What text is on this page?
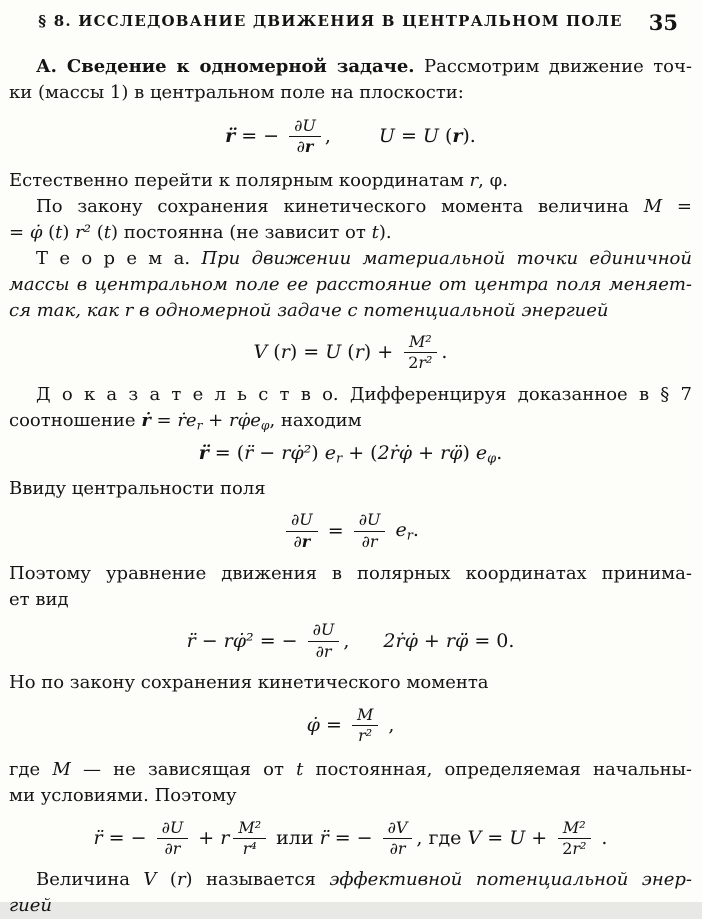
§ 8. ИССЛЕДОВАНИЕ ДВИЖЕНИЯ В ЦЕНТРАЛЬНОМ ПОЛЕ	35
А. Сведение к одномерной задаче. Рассмотрим движение точ-
ки (массы 1) в центральном поле на плоскости:
r̈ = − $\frac{\partial U}{\partial r}$ ,	U = U (r).
Естественно перейти к полярным координатам r, φ.
По закону сохранения кинетического момента величина M =
= φ̇ (t) r² (t) постоянна (не зависит от t).
Т е о р е м а. При движении материальной точки единичной
массы в центральном поле ее расстояние от центра поля меняет-
ся так, как r в одномерной задаче с потенциальной энергией
V (r) = U $(r) + \frac{\text{M²}}{\text{2r²}}$ .
Д о к а з а т е л ь с т в о. Дифференцируя доказанное в § 7
соотношение ṙ = ṙer + rφ̇eφ, находим
r̈ = (r̈ − rφ̇²) er + (2ṙφ̇ + rφ̈) eφ.
Ввиду центральности поля
$\frac{\partial U}{\partial r} = \frac{\partial U}{\partial r}$ er.
Поэтому уравнение движения в полярных координатах принима-
ет вид
r̈ − rφ̇² = − $\frac{\partial U}{\partial r}$ , 2ṙφ̇ + rφ̈ = 0.
Но по закону сохранения кинетического момента
φ̇ = $\frac{M}{\text{r²}}$ ,
где M — не зависящая от t постоянная, определяемая начальны-
ми условиями. Поэтому
r̈ = − $\frac{\partial U}{\partial r} + r \frac{\text{M²}}{\text{r⁴}}$ или r̈ = − $\frac{\partial V}{\partial r}$ , где $V = U + \frac{\text{M²}}{\text{2r²}}$ .
Величина V (r) называется эффективной потенциальной энер-
гией
